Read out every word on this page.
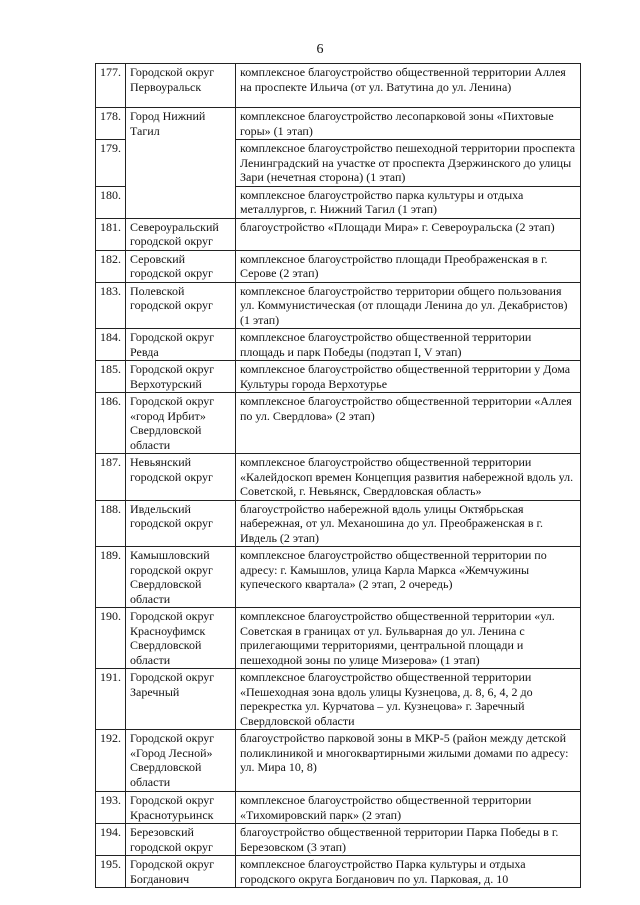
6
177.	Городской округ Первоуральск	комплексное благоустройство общественной территории Аллея на проспекте Ильича (от ул. Ватутина до ул. Ленина)
178.	Город Нижний Тагил	комплексное благоустройство лесопарковой зоны «Пихтовые горы» (1 этап)
179.		комплексное благоустройство пешеходной территории проспекта Ленинградский на участке от проспекта Дзержинского до улицы Зари (нечетная сторона) (1 этап)
180.		комплексное благоустройство парка культуры и отдыха металлургов, г. Нижний Тагил (1 этап)
181.	Североуральский городской округ	благоустройство «Площади Мира» г. Североуральска (2 этап)
182.	Серовский городской округ	комплексное благоустройство площади Преображенская в г. Серове (2 этап)
183.	Полевской городской округ	комплексное благоустройство территории общего пользования ул. Коммунистическая (от площади Ленина до ул. Декабристов) (1 этап)
184.	Городской округ Ревда	комплексное благоустройство общественной территории площадь и парк Победы (подэтап I, V этап)
185.	Городской округ Верхотурский	комплексное благоустройство общественной территории у Дома Культуры города Верхотурье
186.	Городской округ «город Ирбит» Свердловской области	комплексное благоустройство общественной территории «Аллея по ул. Свердлова» (2 этап)
187.	Невьянский городской округ	комплексное благоустройство общественной территории «Калейдоскоп времен Концепция развития набережной вдоль ул. Советской, г. Невьянск, Свердловская область»
188.	Ивдельский городской округ	благоустройство набережной вдоль улицы Октябрьская набережная, от ул. Механошина до ул. Преображенская в г. Ивдель (2 этап)
189.	Камышловский городской округ Свердловской области	комплексное благоустройство общественной территории по адресу: г. Камышлов, улица Карла Маркса «Жемчужины купеческого квартала» (2 этап, 2 очередь)
190.	Городской округ Красноуфимск Свердловской области	комплексное благоустройство общественной территории «ул. Советская в границах от ул. Бульварная до ул. Ленина с прилегающими территориями, центральной площади и пешеходной зоны по улице Мизерова» (1 этап)
191.	Городской округ Заречный	комплексное благоустройство общественной территории «Пешеходная зона вдоль улицы Кузнецова, д. 8, 6, 4, 2 до перекрестка ул. Курчатова – ул. Кузнецова» г. Заречный Свердловской области
192.	Городской округ «Город Лесной» Свердловской области	благоустройство парковой зоны в МКР-5 (район между детской поликлиникой и многоквартирными жилыми домами по адресу: ул. Мира 10, 8)
193.	Городской округ Краснотурьинск	комплексное благоустройство общественной территории «Тихомировский парк» (2 этап)
194.	Березовский городской округ	благоустройство общественной территории Парка Победы в г. Березовском (3 этап)
195.	Городской округ Богданович	комплексное благоустройство Парка культуры и отдыха городского округа Богданович по ул. Парковая, д. 10
